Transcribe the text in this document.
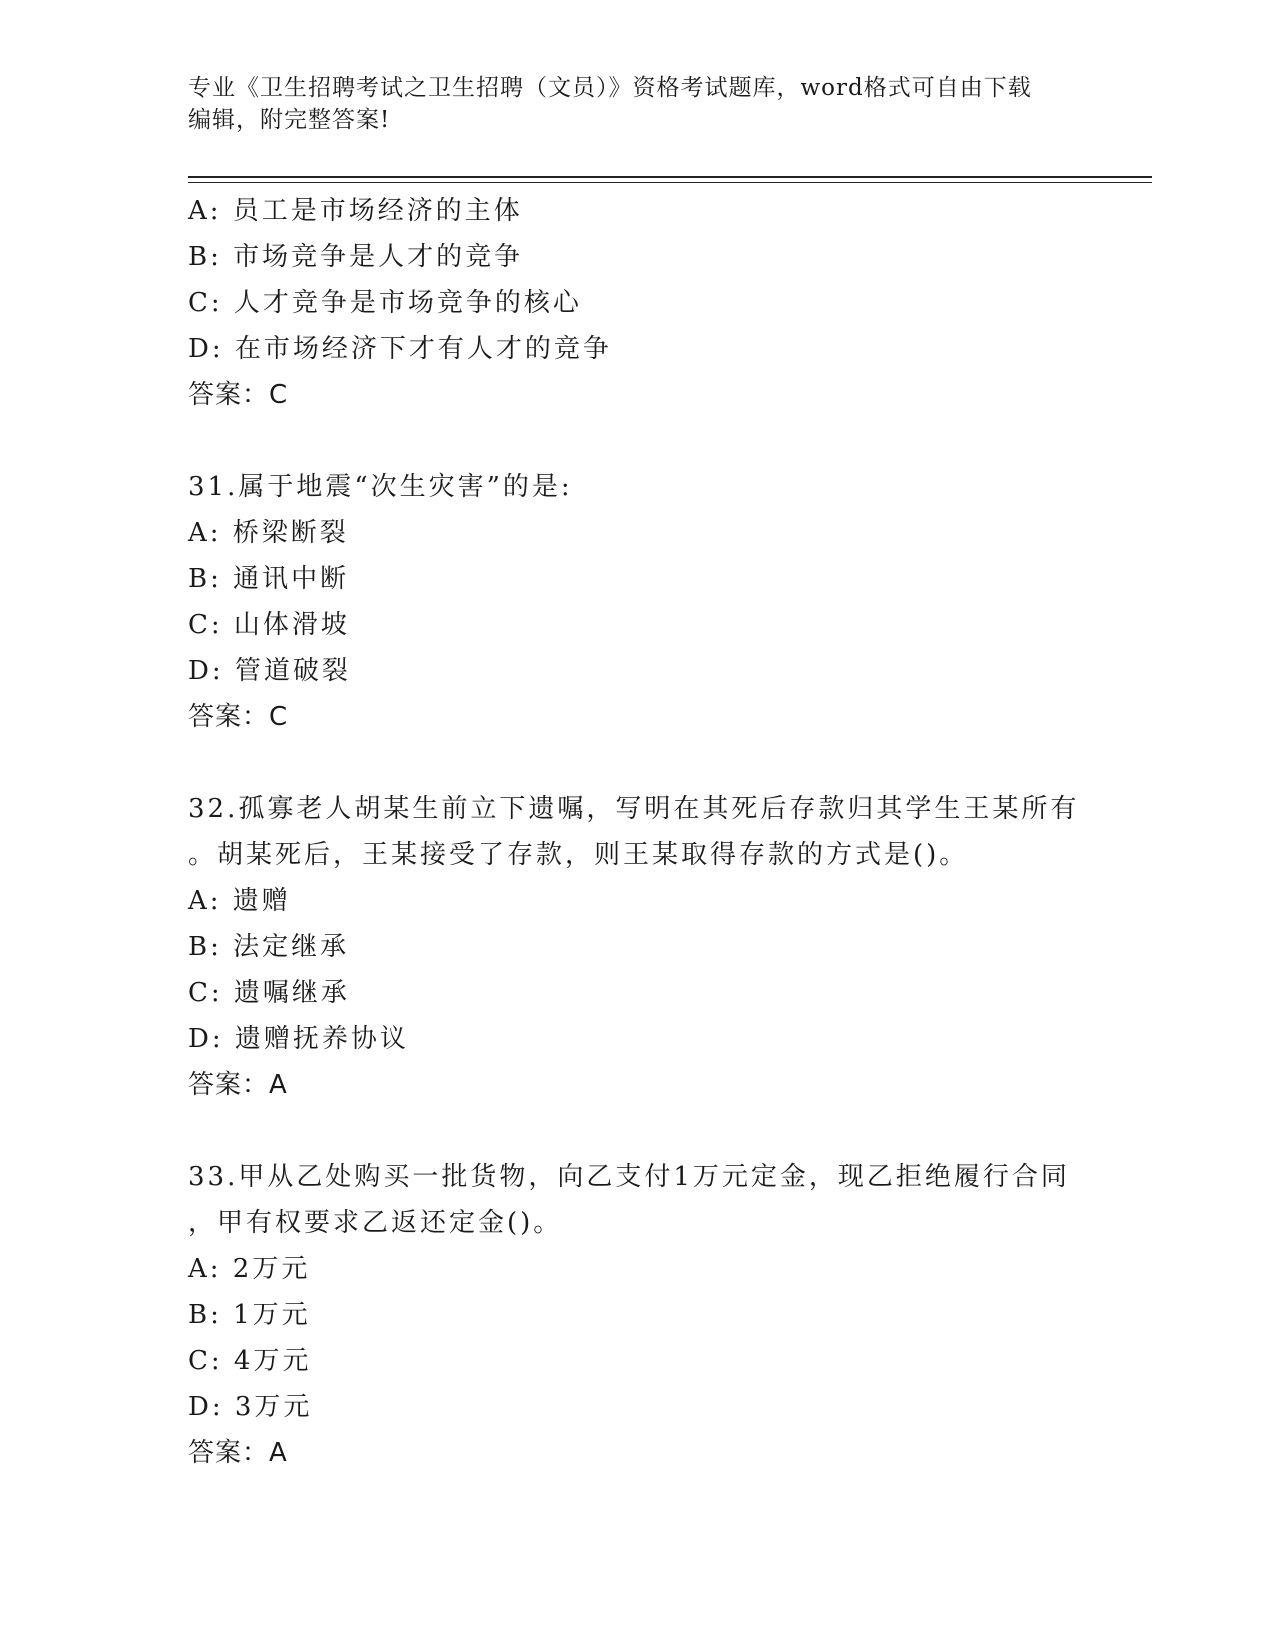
专业《卫生招聘考试之卫生招聘（文员）》资格考试题库，word格式可自由下载
编辑，附完整答案!
A: 员工是市场经济的主体
B: 市场竞争是人才的竞争
C: 人才竞争是市场竞争的核心
D: 在市场经济下才有人才的竞争
答案：C
31.属于地震“次生灾害”的是:
A: 桥梁断裂
B: 通讯中断
C: 山体滑坡
D: 管道破裂
答案：C
32.孤寡老人胡某生前立下遗嘱，写明在其死后存款归其学生王某所有
。胡某死后，王某接受了存款，则王某取得存款的方式是()。
A: 遗赠
B: 法定继承
C: 遗嘱继承
D: 遗赠抚养协议
答案：A
33.甲从乙处购买一批货物，向乙支付1万元定金，现乙拒绝履行合同
，甲有权要求乙返还定金()。
A: 2万元
B: 1万元
C: 4万元
D: 3万元
答案：A
